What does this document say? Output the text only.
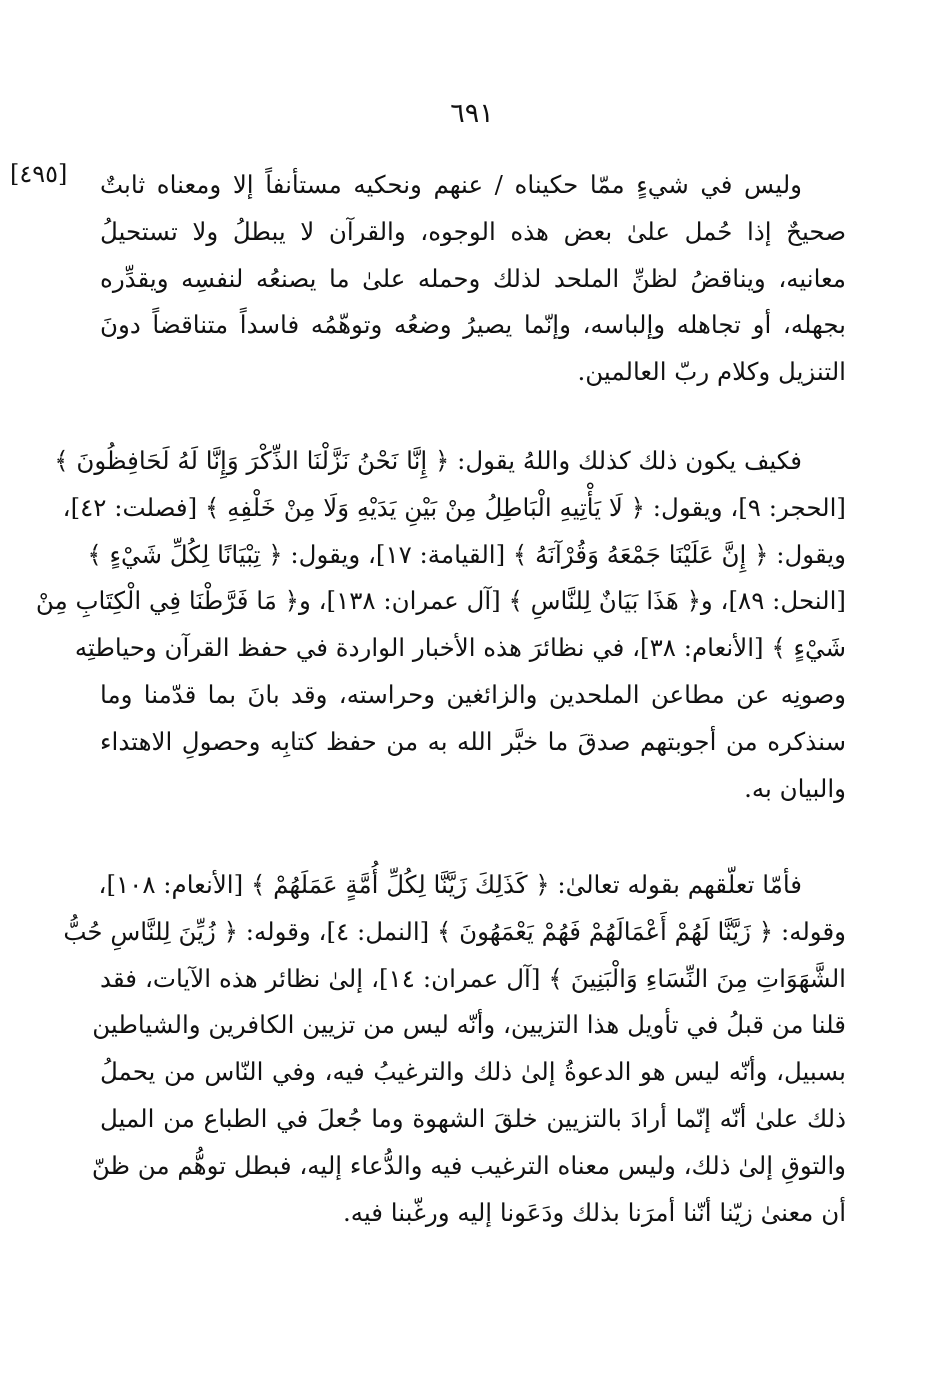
٦٩١
[٤٩٥] وليس في شيءٍ ممّا حكيناه / عنهم ونحكيه مستأنفاً إلا ومعناه ثابتٌ
صحيحٌ إذا حُمل علىٰ بعض هذه الوجوه، والقرآن لا يبطلُ ولا تستحيلُ
معانيه، ويناقضُ لظنِّ الملحد لذلك وحمله علىٰ ما يصنعُه لنفسِه ويقدِّره
بجهله، أو تجاهله وإلباسه، وإنّما يصيرُ وضعُه وتوهّمُه فاسداً متناقضاً دونَ
التنزيل وكلام ربّ العالمين.
فكيف يكون ذلك كذلك واللهُ يقول: ﴿ إِنَّا نَحْنُ نَزَّلْنَا الذِّكْرَ وَإِنَّا لَهُ لَحَافِظُونَ ﴾
[الحجر: ٩]، ويقول: ﴿ لَا يَأْتِيهِ الْبَاطِلُ مِنْ بَيْنِ يَدَيْهِ وَلَا مِنْ خَلْفِهِ ﴾ [فصلت: ٤٢]،
ويقول: ﴿ إِنَّ عَلَيْنَا جَمْعَهُ وَقُرْآنَهُ ﴾ [القيامة: ١٧]، ويقول: ﴿ تِبْيَانًا لِكُلِّ شَيْءٍ ﴾
[النحل: ٨٩]، و﴿ هَذَا بَيَانٌ لِلنَّاسِ ﴾ [آل عمران: ١٣٨]، و﴿ مَا فَرَّطْنَا فِي الْكِتَابِ مِنْ
شَيْءٍ ﴾ [الأنعام: ٣٨]، في نظائرَ هذه الأخبار الواردة في حفظ القرآن وحياطتِه
وصونِه عن مطاعن الملحدين والزائغين وحراسته، وقد بانَ بما قدّمنا وما
سنذكره من أجوبتهم صدقَ ما خبَّر الله به من حفظ كتابِه وحصولِ الاهتداء
والبيان به.
فأمّا تعلّقهم بقوله تعالىٰ: ﴿ كَذَلِكَ زَيَّنَّا لِكُلِّ أُمَّةٍ عَمَلَهُمْ ﴾ [الأنعام: ١٠٨]،
وقوله: ﴿ زَيَّنَّا لَهُمْ أَعْمَالَهُمْ فَهُمْ يَعْمَهُونَ ﴾ [النمل: ٤]، وقوله: ﴿ زُيِّنَ لِلنَّاسِ حُبُّ
الشَّهَوَاتِ مِنَ النِّسَاءِ وَالْبَنِينَ ﴾ [آل عمران: ١٤]، إلىٰ نظائر هذه الآيات، فقد
قلنا من قبلُ في تأويل هذا التزيين، وأنّه ليس من تزيين الكافرين والشياطين
بسبيل، وأنّه ليس هو الدعوةُ إلىٰ ذلك والترغيبُ فيه، وفي النّاس من يحملُ
ذلك علىٰ أنّه إنّما أرادَ بالتزيين خلقَ الشهوة وما جُعلَ في الطباع من الميل
والتوقِ إلىٰ ذلك، وليس معناه الترغيب فيه والدُّعاء إليه، فبطل توهُّم من ظنّ
أن معنىٰ زيّنا أنّنا أمرَنا بذلك ودَعَونا إليه ورغّبنا فيه.
